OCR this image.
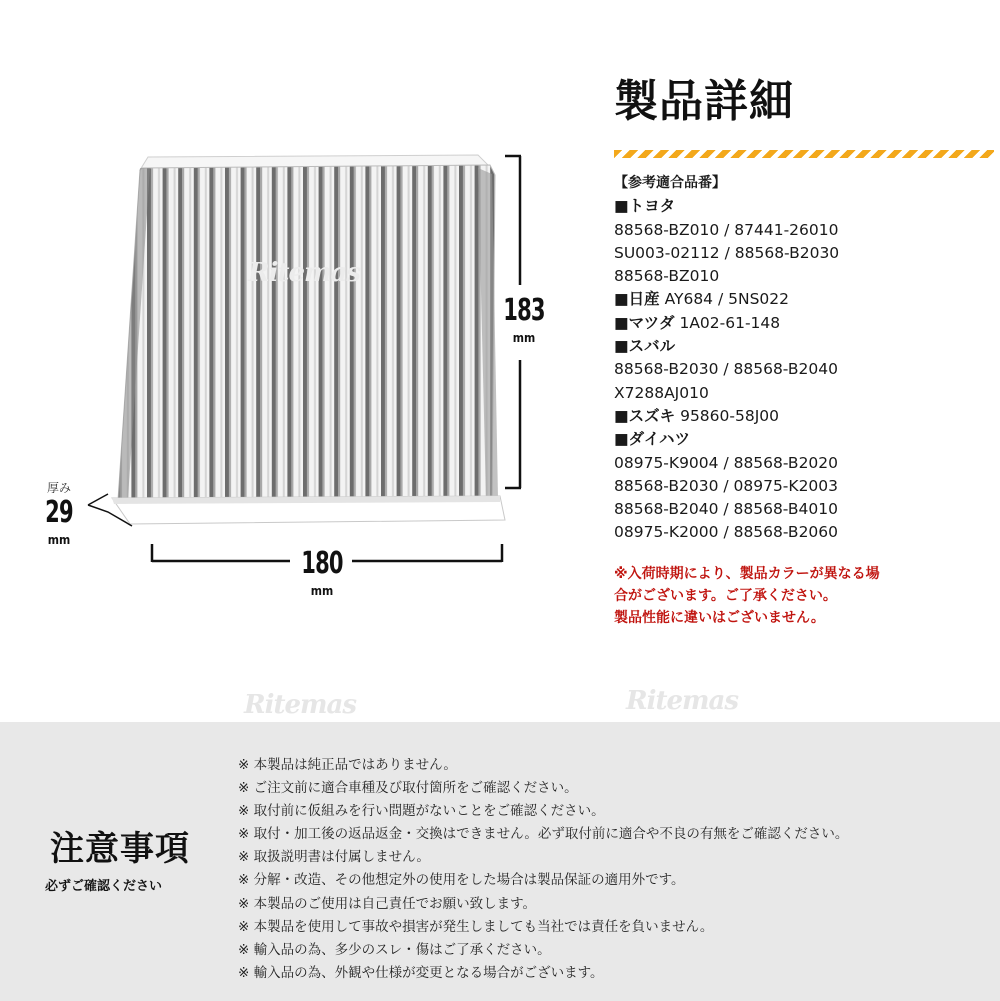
183
mm
180
mm
厚み
29
mm
Ritemas
Ritemas	Ritemas
製品詳細
【参考適合品番】
■トヨタ
88568-BZ010 / 87441-26010
SU003-02112 / 88568-B2030
88568-BZ010
■日産 AY684 / 5NS022
■マツダ 1A02-61-148
■スバル
88568-B2030 / 88568-B2040
X7288AJ010
■スズキ 95860-58J00
■ダイハツ
08975-K9004 / 88568-B2020
88568-B2030 / 08975-K2003
88568-B2040 / 88568-B4010
08975-K2000 / 88568-B2060
※入荷時期により、製品カラーが異なる場
合がございます。ご了承ください。
製品性能に違いはございません。
注意事項
必ずご確認ください
※ 本製品は純正品ではありません。
※ ご注文前に適合車種及び取付箇所をご確認ください。
※ 取付前に仮組みを行い問題がないことをご確認ください。
※ 取付・加工後の返品返金・交換はできません。必ず取付前に適合や不良の有無をご確認ください。
※ 取扱説明書は付属しません。
※ 分解・改造、その他想定外の使用をした場合は製品保証の適用外です。
※ 本製品のご使用は自己責任でお願い致します。
※ 本製品を使用して事故や損害が発生しましても当社では責任を負いません。
※ 輸入品の為、多少のスレ・傷はご了承ください。
※ 輸入品の為、外観や仕様が変更となる場合がございます。
